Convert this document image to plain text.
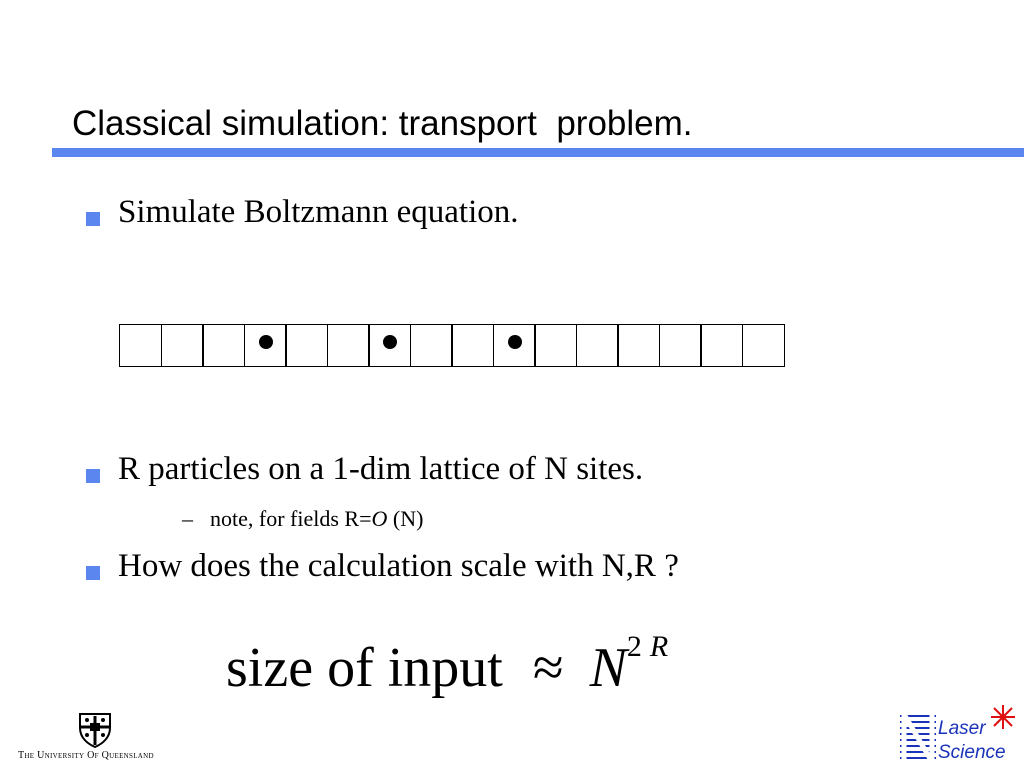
Classical simulation: transport  problem.
Simulate Boltzmann equation.
R particles on a 1-dim lattice of N sites.
– note, for fields R=O (N)
How does the calculation scale with N,R ?
size of input ≈ $N^{2 R}$
The University Of Queensland
Laser
Science
